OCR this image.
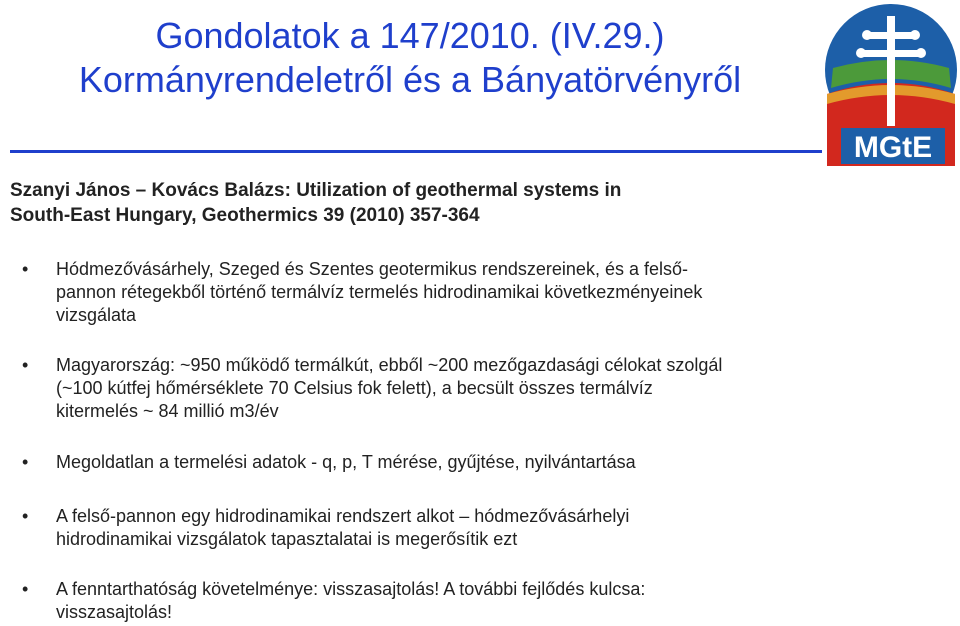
Gondolatok a 147/2010. (IV.29.)
Kormányrendeletről és a Bányatörvényről
MGtE
Szanyi János – Kovács Balázs: Utilization of geothermal systems in
South-East Hungary, Geothermics 39 (2010) 357-364
•	Hódmezővásárhely, Szeged és Szentes geotermikus rendszereinek, és a felső-
pannon rétegekből történő termálvíz termelés hidrodinamikai következményeinek
vizsgálata
•	Magyarország: ~950 működő termálkút, ebből ~200 mezőgazdasági célokat szolgál
(~100 kútfej hőmérséklete 70 Celsius fok felett), a becsült összes termálvíz
kitermelés ~ 84 millió m3/év
•	Megoldatlan a termelési adatok - q, p, T mérése, gyűjtése, nyilvántartása
•	A felső-pannon egy hidrodinamikai rendszert alkot – hódmezővásárhelyi
hidrodinamikai vizsgálatok tapasztalatai is megerősítik ezt
•	A fenntarthatóság követelménye: visszasajtolás! A további fejlődés kulcsa:
visszasajtolás!
